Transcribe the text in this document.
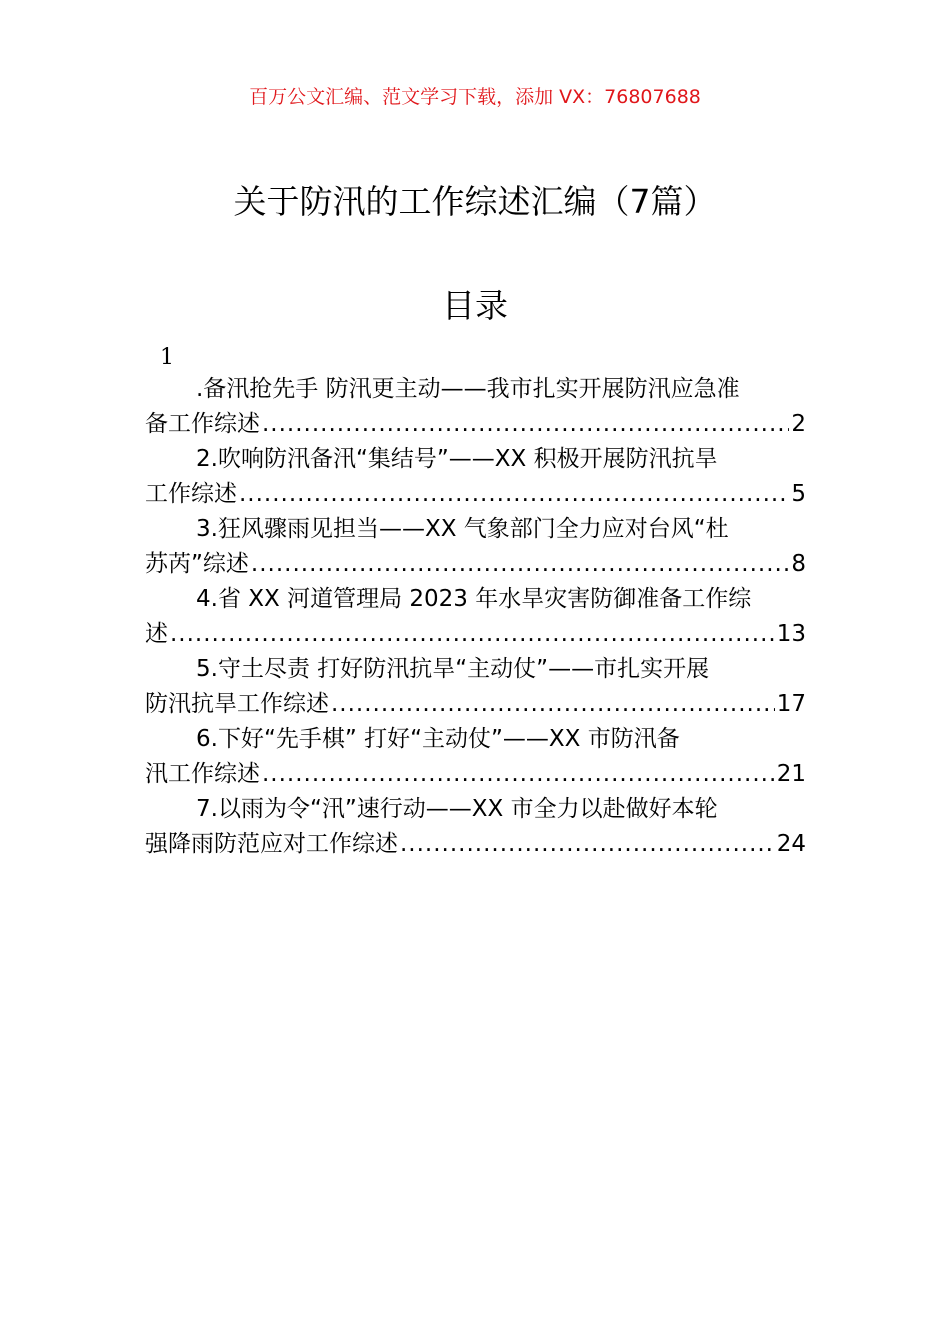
百万公文汇编、范文学习下载，添加 VX：76807688
关于防汛的工作综述汇编（7篇）
目录
1
.备汛抢先手 防汛更主动——我市扎实开展防汛应急准
备工作综述 .....	2
2.吹响防汛备汛“集结号”——XX 积极开展防汛抗旱
工作综述 .....	5
3.狂风骤雨见担当——XX 气象部门全力应对台风“杜
苏芮”综述 .....	8
4.省 XX 河道管理局 2023 年水旱灾害防御准备工作综
述 .....	13
5.守土尽责 打好防汛抗旱“主动仗”——市扎实开展
防汛抗旱工作综述 .....	17
6.下好“先手棋” 打好“主动仗”——XX 市防汛备
汛工作综述 .....	21
7.以雨为令“汛”速行动——XX 市全力以赴做好本轮
强降雨防范应对工作综述 .....	24
